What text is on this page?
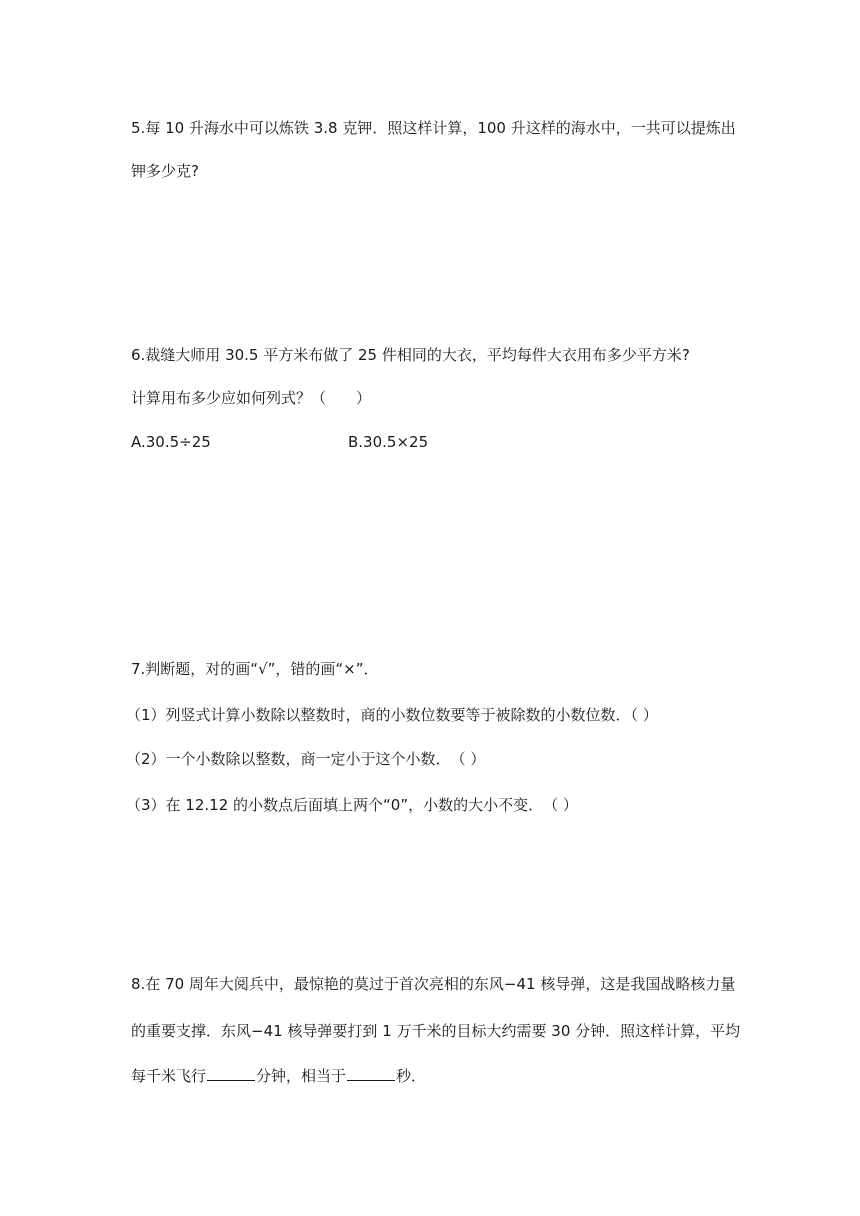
5.每 10 升海水中可以炼铁 3.8 克钾．照这样计算，100 升这样的海水中，一共可以提炼出
钾多少克?
6.裁缝大师用 30.5 平方米布做了 25 件相同的大衣，平均每件大衣用布多少平方米?
计算用布多少应如何列式？（　　）
A.30.5÷25	B.30.5×25
7.判断题，对的画“√”，错的画“×”．
（1）列竖式计算小数除以整数时，商的小数位数要等于被除数的小数位数．（ ）
（2）一个小数除以整数，商一定小于这个小数．　（ ）
（3）在 12.12 的小数点后面填上两个“0”，小数的大小不变．　（ ）
8.在 70 周年大阅兵中，最惊艳的莫过于首次亮相的东风−41 核导弹，这是我国战略核力量
的重要支撑．东风−41 核导弹要打到 1 万千米的目标大约需要 30 分钟．照这样计算，平均
每千米飞行	分钟，相当于	秒．
